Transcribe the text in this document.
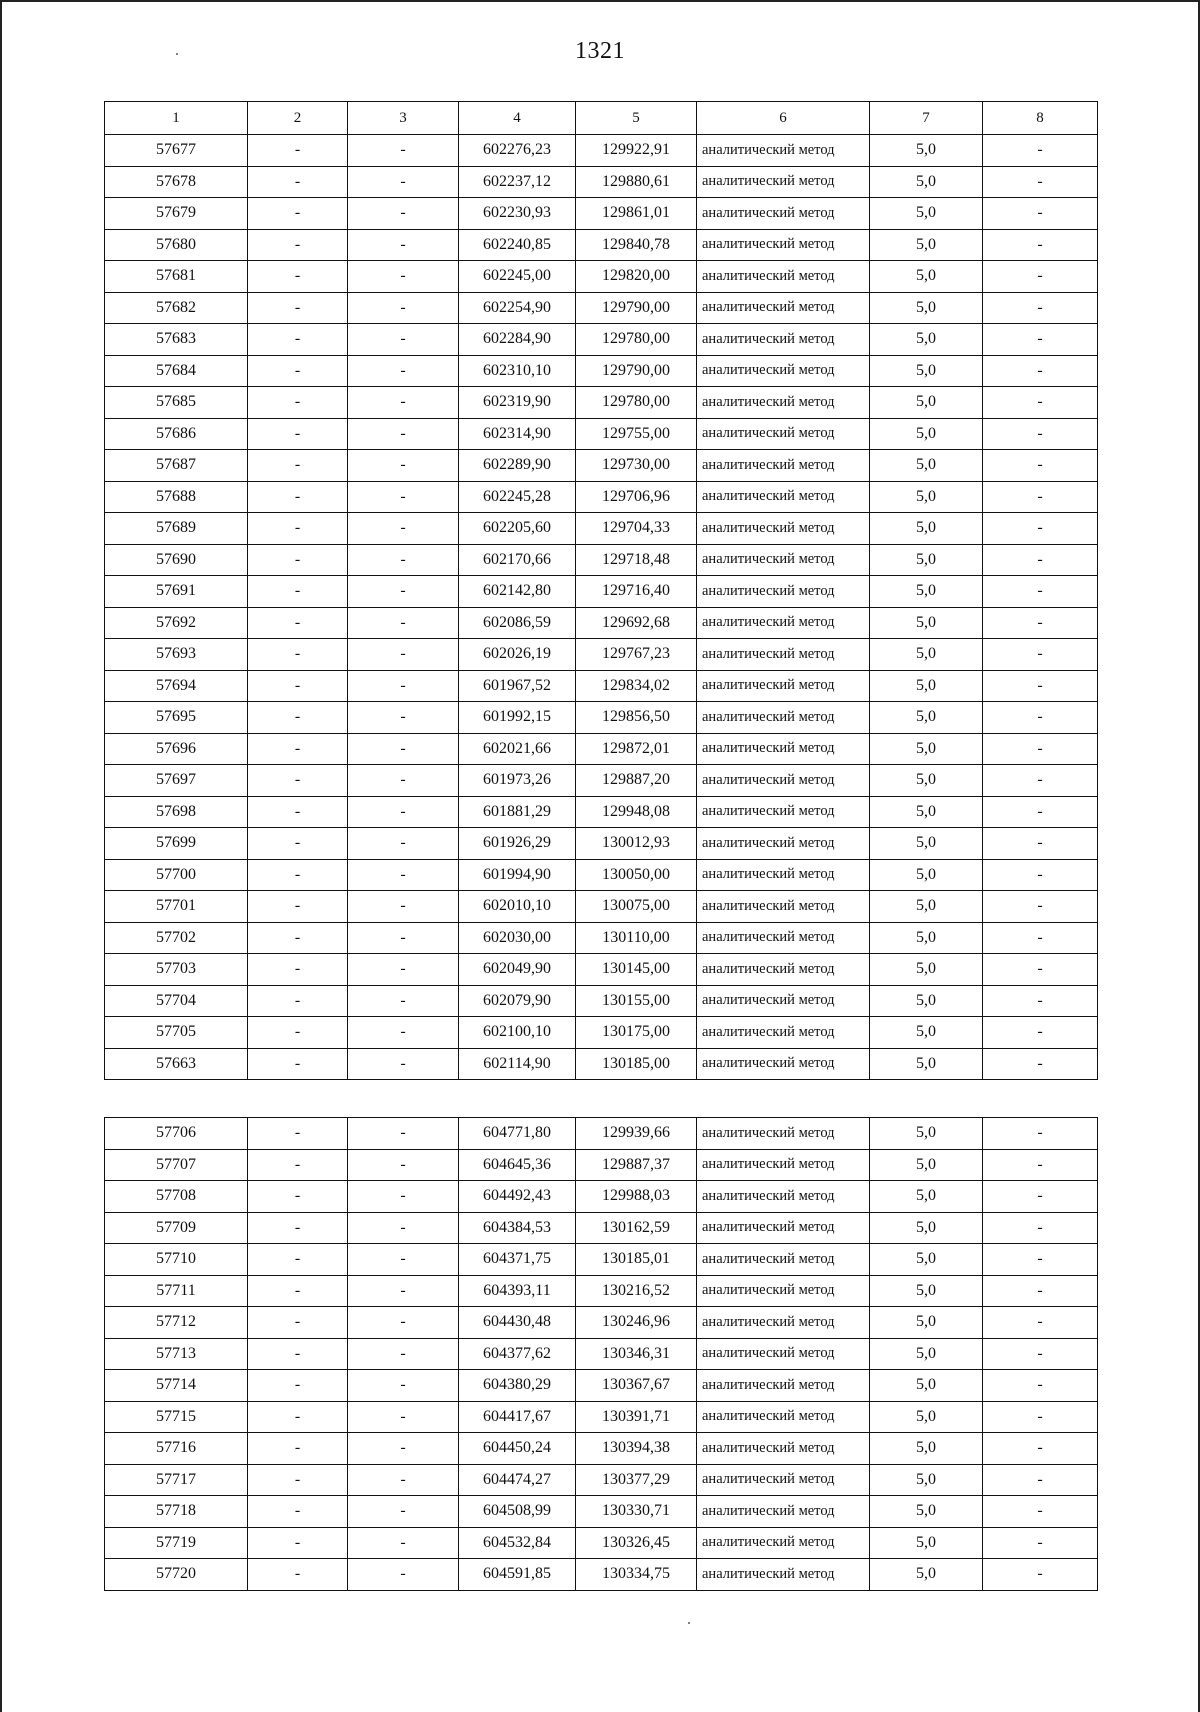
1321
1	2	3	4	5	6	7	8
57677	-	-	602276,23	129922,91	аналитический метод	5,0	-
57678	-	-	602237,12	129880,61	аналитический метод	5,0	-
57679	-	-	602230,93	129861,01	аналитический метод	5,0	-
57680	-	-	602240,85	129840,78	аналитический метод	5,0	-
57681	-	-	602245,00	129820,00	аналитический метод	5,0	-
57682	-	-	602254,90	129790,00	аналитический метод	5,0	-
57683	-	-	602284,90	129780,00	аналитический метод	5,0	-
57684	-	-	602310,10	129790,00	аналитический метод	5,0	-
57685	-	-	602319,90	129780,00	аналитический метод	5,0	-
57686	-	-	602314,90	129755,00	аналитический метод	5,0	-
57687	-	-	602289,90	129730,00	аналитический метод	5,0	-
57688	-	-	602245,28	129706,96	аналитический метод	5,0	-
57689	-	-	602205,60	129704,33	аналитический метод	5,0	-
57690	-	-	602170,66	129718,48	аналитический метод	5,0	-
57691	-	-	602142,80	129716,40	аналитический метод	5,0	-
57692	-	-	602086,59	129692,68	аналитический метод	5,0	-
57693	-	-	602026,19	129767,23	аналитический метод	5,0	-
57694	-	-	601967,52	129834,02	аналитический метод	5,0	-
57695	-	-	601992,15	129856,50	аналитический метод	5,0	-
57696	-	-	602021,66	129872,01	аналитический метод	5,0	-
57697	-	-	601973,26	129887,20	аналитический метод	5,0	-
57698	-	-	601881,29	129948,08	аналитический метод	5,0	-
57699	-	-	601926,29	130012,93	аналитический метод	5,0	-
57700	-	-	601994,90	130050,00	аналитический метод	5,0	-
57701	-	-	602010,10	130075,00	аналитический метод	5,0	-
57702	-	-	602030,00	130110,00	аналитический метод	5,0	-
57703	-	-	602049,90	130145,00	аналитический метод	5,0	-
57704	-	-	602079,90	130155,00	аналитический метод	5,0	-
57705	-	-	602100,10	130175,00	аналитический метод	5,0	-
57663	-	-	602114,90	130185,00	аналитический метод	5,0	-
57706	-	-	604771,80	129939,66	аналитический метод	5,0	-
57707	-	-	604645,36	129887,37	аналитический метод	5,0	-
57708	-	-	604492,43	129988,03	аналитический метод	5,0	-
57709	-	-	604384,53	130162,59	аналитический метод	5,0	-
57710	-	-	604371,75	130185,01	аналитический метод	5,0	-
57711	-	-	604393,11	130216,52	аналитический метод	5,0	-
57712	-	-	604430,48	130246,96	аналитический метод	5,0	-
57713	-	-	604377,62	130346,31	аналитический метод	5,0	-
57714	-	-	604380,29	130367,67	аналитический метод	5,0	-
57715	-	-	604417,67	130391,71	аналитический метод	5,0	-
57716	-	-	604450,24	130394,38	аналитический метод	5,0	-
57717	-	-	604474,27	130377,29	аналитический метод	5,0	-
57718	-	-	604508,99	130330,71	аналитический метод	5,0	-
57719	-	-	604532,84	130326,45	аналитический метод	5,0	-
57720	-	-	604591,85	130334,75	аналитический метод	5,0	-
